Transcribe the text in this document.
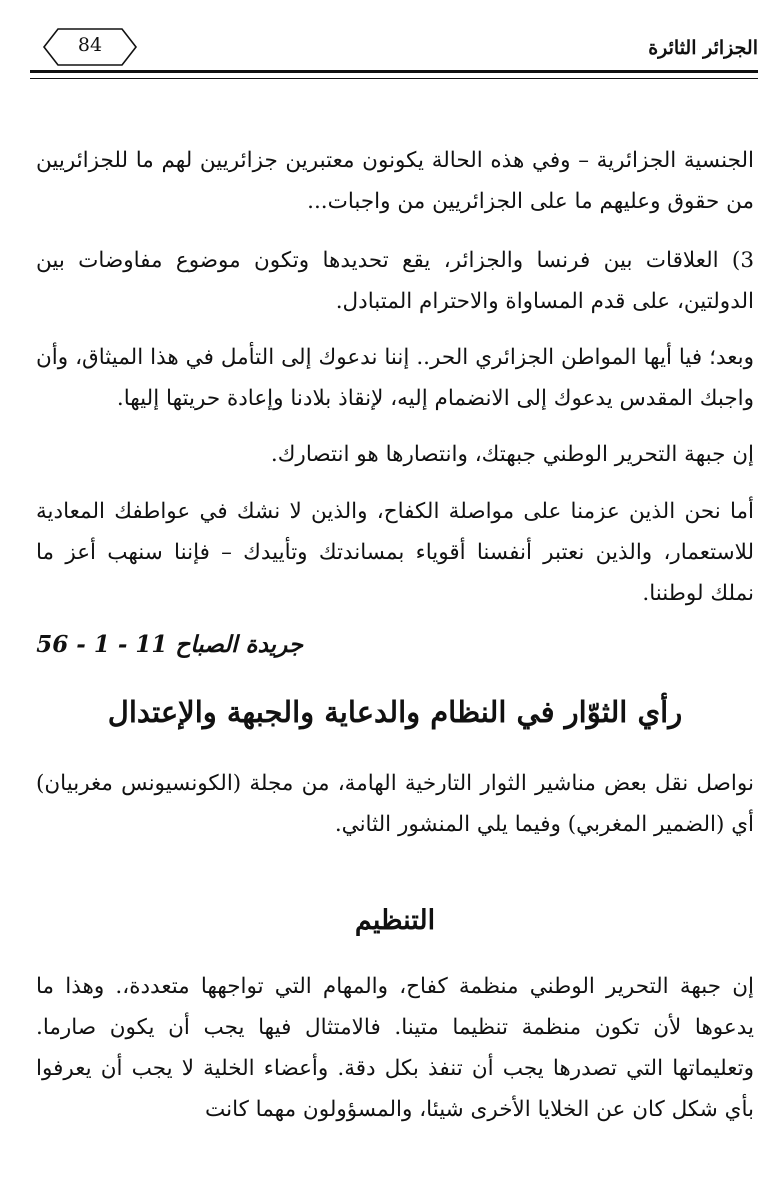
84	الجزائر الثائرة

الجنسية الجزائرية – وفي هذه الحالة يكونون معتبرين جزائريين لهم ما للجزائريين من حقوق وعليهم ما على الجزائريين من واجبات...

3) العلاقات بين فرنسا والجزائر، يقع تحديدها وتكون موضوع مفاوضات بين الدولتين، على قدم المساواة والاحترام المتبادل.

وبعد؛ فيا أيها المواطن الجزائري الحر.. إننا ندعوك إلى التأمل في هذا الميثاق، وأن واجبك المقدس يدعوك إلى الانضمام إليه، لإنقاذ بلادنا وإعادة حريتها إليها.

إن جبهة التحرير الوطني جبهتك، وانتصارها هو انتصارك.

أما نحن الذين عزمنا على مواصلة الكفاح، والذين لا نشك في عواطفك المعادية للاستعمار، والذين نعتبر أنفسنا أقوياء بمساندتك وتأييدك – فإننا سنهب أعز ما نملك لوطننا.

جريدة الصباح 11 - 1 - 56
رأي الثوّار في النظام والدعاية والجبهة والإعتدال

نواصل نقل بعض مناشير الثوار التارخية الهامة، من مجلة (الكونسيونس مغربيان) أي (الضمير المغربي) وفيما يلي المنشور الثاني.

التنظيم

إن جبهة التحرير الوطني منظمة كفاح، والمهام التي تواجهها متعددة،. وهذا ما يدعوها لأن تكون منظمة تنظيما متينا. فالامتثال فيها يجب أن يكون صارما. وتعليماتها التي تصدرها يجب أن تنفذ بكل دقة. وأعضاء الخلية لا يجب أن يعرفوا بأي شكل كان عن الخلايا الأخرى شيئا، والمسؤولون مهما كانت
